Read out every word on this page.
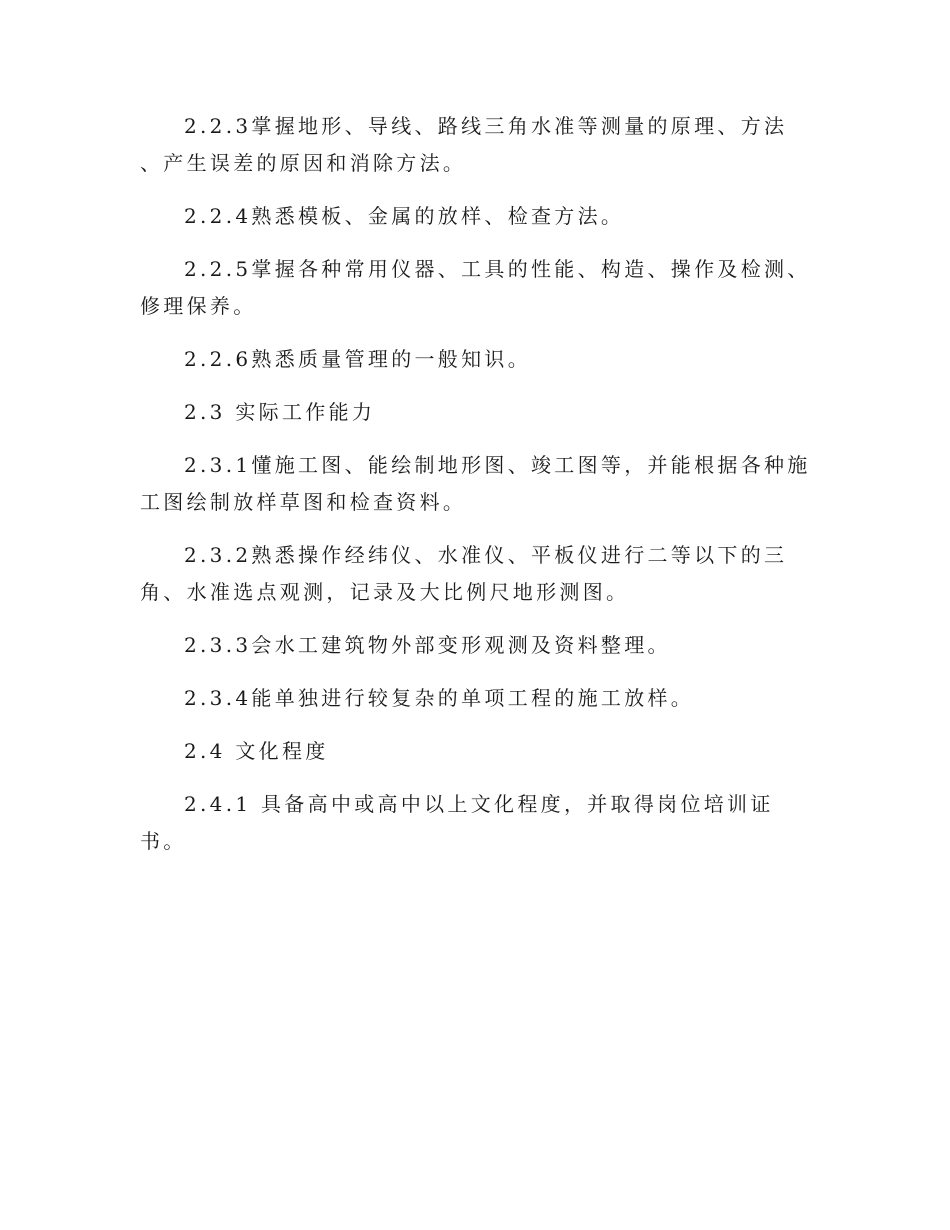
2.2.3掌握地形、导线、路线三角水准等测量的原理、方法 、产生误差的原因和消除方法。

2.2.4熟悉模板、金属的放样、检查方法。

2.2.5掌握各种常用仪器、工具的性能、构造、操作及检测、修理保养。

2.2.6熟悉质量管理的一般知识。

2.3 实际工作能力

2.3.1懂施工图、能绘制地形图、竣工图等，并能根据各种施工图绘制放样草图和检查资料。

2.3.2熟悉操作经纬仪、水准仪、平板仪进行二等以下的三角、水准选点观测，记录及大比例尺地形测图。

2.3.3会水工建筑物外部变形观测及资料整理。

2.3.4能单独进行较复杂的单项工程的施工放样。

2.4 文化程度

2.4.1 具备高中或高中以上文化程度，并取得岗位培训证书。
